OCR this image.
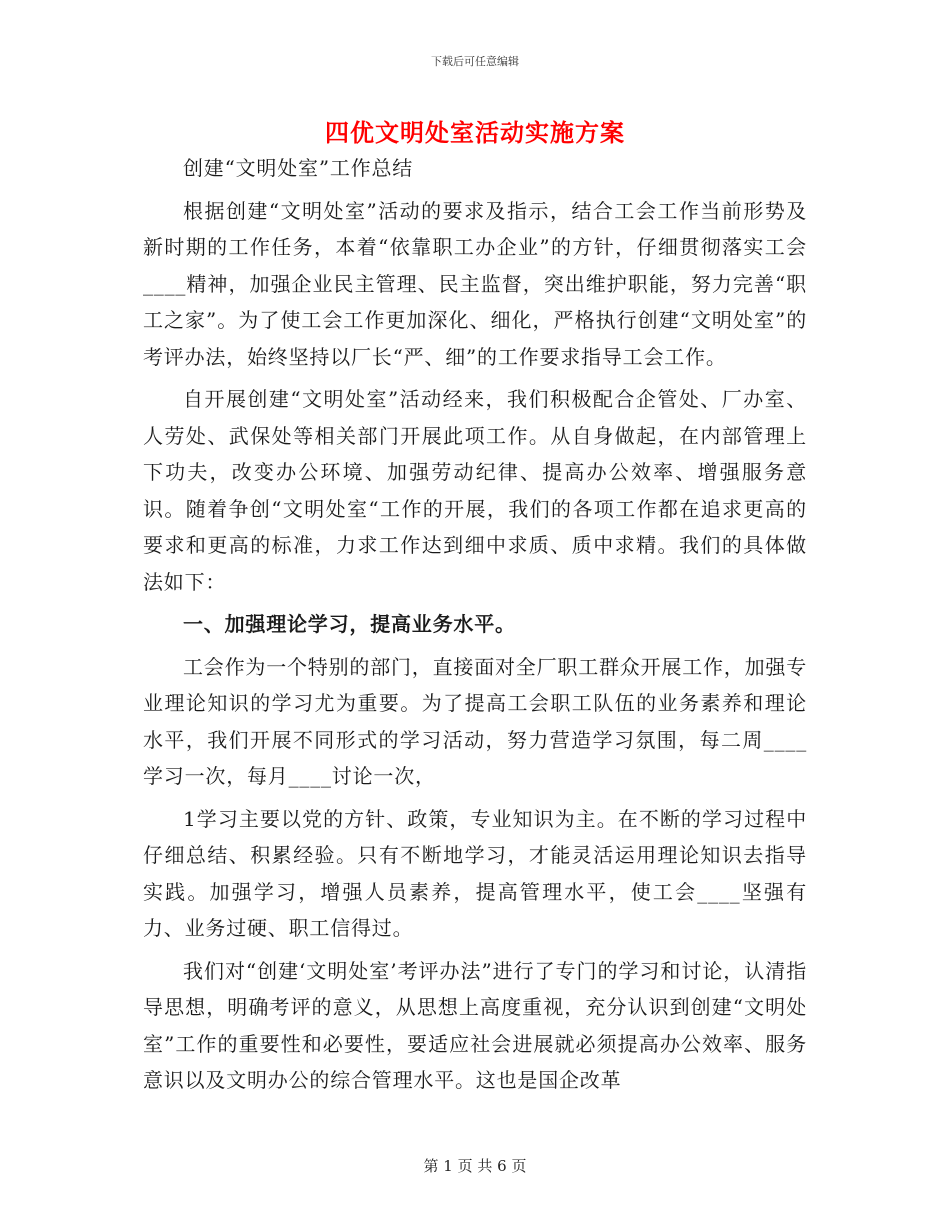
下载后可任意编辑
四优文明处室活动实施方案

创建“文明处室”工作总结

根据创建“文明处室”活动的要求及指示，结合工会工作当前形势及新时期的工作任务，本着“依靠职工办企业”的方针，仔细贯彻落实工会____精神，加强企业民主管理、民主监督，突出维护职能，努力完善“职工之家”。为了使工会工作更加深化、细化，严格执行创建“文明处室”的考评办法，始终坚持以厂长“严、细”的工作要求指导工会工作。

自开展创建“文明处室”活动经来，我们积极配合企管处、厂办室、人劳处、武保处等相关部门开展此项工作。从自身做起，在内部管理上下功夫，改变办公环境、加强劳动纪律、提高办公效率、增强服务意识。随着争创“文明处室“工作的开展，我们的各项工作都在追求更高的要求和更高的标准，力求工作达到细中求质、质中求精。我们的具体做法如下：

一、加强理论学习，提高业务水平。

工会作为一个特别的部门，直接面对全厂职工群众开展工作，加强专业理论知识的学习尤为重要。为了提高工会职工队伍的业务素养和理论水平，我们开展不同形式的学习活动，努力营造学习氛围，每二周____学习一次，每月____讨论一次，

1学习主要以党的方针、政策，专业知识为主。在不断的学习过程中仔细总结、积累经验。只有不断地学习，才能灵活运用理论知识去指导实践。加强学习，增强人员素养，提高管理水平，使工会____坚强有力、业务过硬、职工信得过。

我们对“创建‘文明处室’考评办法”进行了专门的学习和讨论，认清指导思想，明确考评的意义，从思想上高度重视，充分认识到创建“文明处室”工作的重要性和必要性，要适应社会进展就必须提高办公效率、服务意识以及文明办公的综合管理水平。这也是国企改革

第 1 页 共 6 页
